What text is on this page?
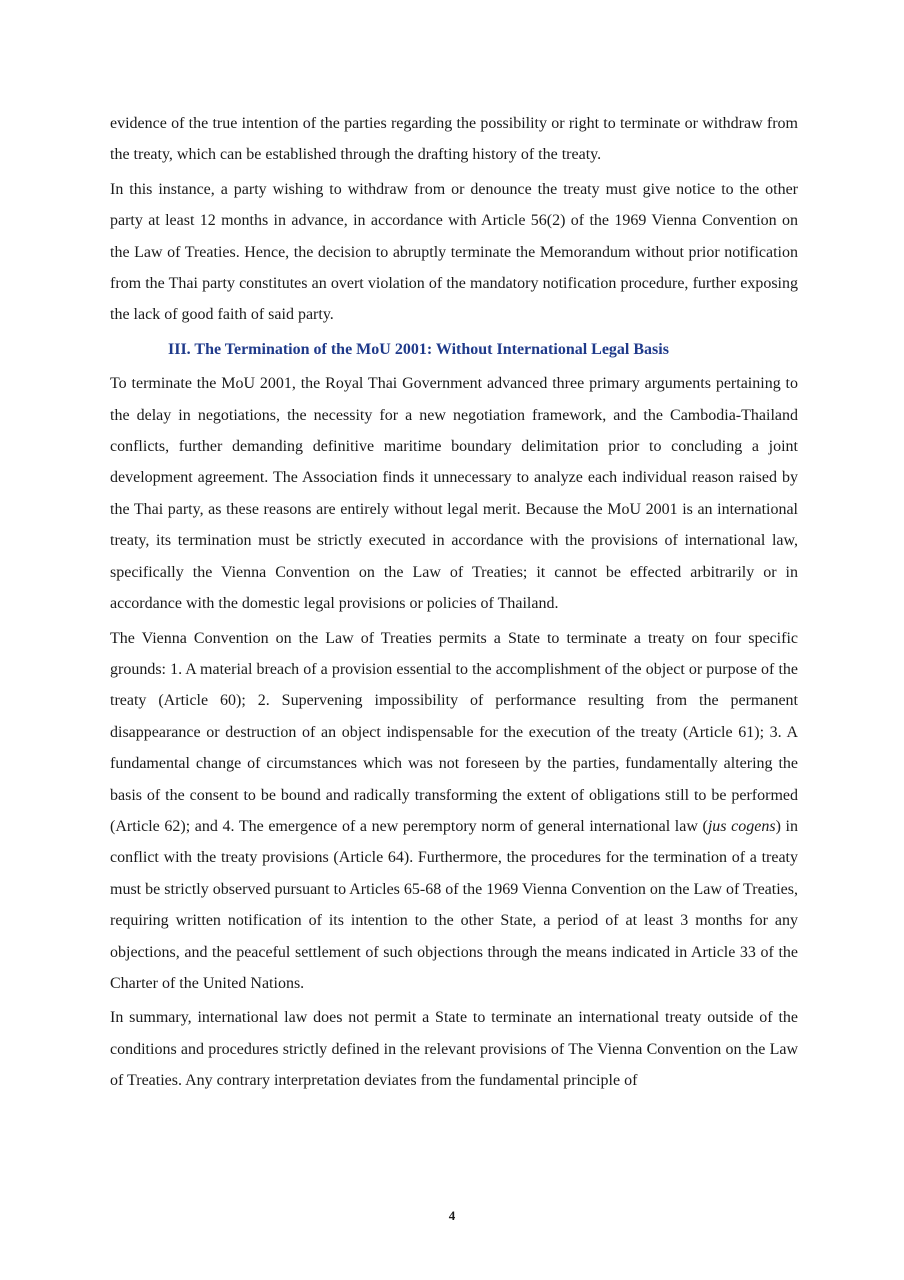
evidence of the true intention of the parties regarding the possibility or right to terminate or withdraw from the treaty, which can be established through the drafting history of the treaty.

In this instance, a party wishing to withdraw from or denounce the treaty must give notice to the other party at least 12 months in advance, in accordance with Article 56(2) of the 1969 Vienna Convention on the Law of Treaties. Hence, the decision to abruptly terminate the Memorandum without prior notification from the Thai party constitutes an overt violation of the mandatory notification procedure, further exposing the lack of good faith of said party.

III. The Termination of the MoU 2001: Without International Legal Basis

To terminate the MoU 2001, the Royal Thai Government advanced three primary arguments pertaining to the delay in negotiations, the necessity for a new negotiation framework, and the Cambodia-Thailand conflicts, further demanding definitive maritime boundary delimitation prior to concluding a joint development agreement. The Association finds it unnecessary to analyze each individual reason raised by the Thai party, as these reasons are entirely without legal merit. Because the MoU 2001 is an international treaty, its termination must be strictly executed in accordance with the provisions of international law, specifically the Vienna Convention on the Law of Treaties; it cannot be effected arbitrarily or in accordance with the domestic legal provisions or policies of Thailand.

The Vienna Convention on the Law of Treaties permits a State to terminate a treaty on four specific grounds: 1. A material breach of a provision essential to the accomplishment of the object or purpose of the treaty (Article 60); 2. Supervening impossibility of performance resulting from the permanent disappearance or destruction of an object indispensable for the execution of the treaty (Article 61); 3. A fundamental change of circumstances which was not foreseen by the parties, fundamentally altering the basis of the consent to be bound and radically transforming the extent of obligations still to be performed (Article 62); and 4. The emergence of a new peremptory norm of general international law (jus cogens) in conflict with the treaty provisions (Article 64). Furthermore, the procedures for the termination of a treaty must be strictly observed pursuant to Articles 65-68 of the 1969 Vienna Convention on the Law of Treaties, requiring written notification of its intention to the other State, a period of at least 3 months for any objections, and the peaceful settlement of such objections through the means indicated in Article 33 of the Charter of the United Nations.

In summary, international law does not permit a State to terminate an international treaty outside of the conditions and procedures strictly defined in the relevant provisions of The Vienna Convention on the Law of Treaties. Any contrary interpretation deviates from the fundamental principle of

4
